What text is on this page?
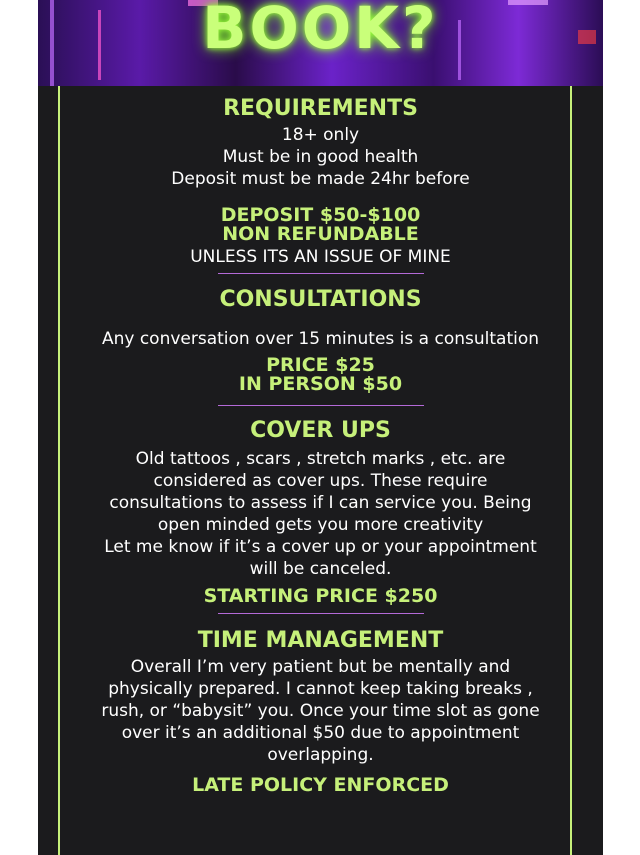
BOOK?
REQUIREMENTS
18+ only
Must be in good health
Deposit must be made 24hr before
DEPOSIT $50-$100
NON REFUNDABLE
UNLESS ITS AN ISSUE OF MINE
CONSULTATIONS
Any conversation over 15 minutes is a consultation
PRICE $25
IN PERSON $50
COVER UPS
Old tattoos , scars , stretch marks , etc. are
considered as cover ups. These require
consultations to assess if I can service you. Being
open minded gets you more creativity
Let me know if it’s a cover up or your appointment
will be canceled.
STARTING PRICE $250
TIME MANAGEMENT
Overall I’m very patient but be mentally and
physically prepared. I cannot keep taking breaks ,
rush, or “babysit” you. Once your time slot as gone
over it’s an additional $50 due to appointment
overlapping.
LATE POLICY ENFORCED
